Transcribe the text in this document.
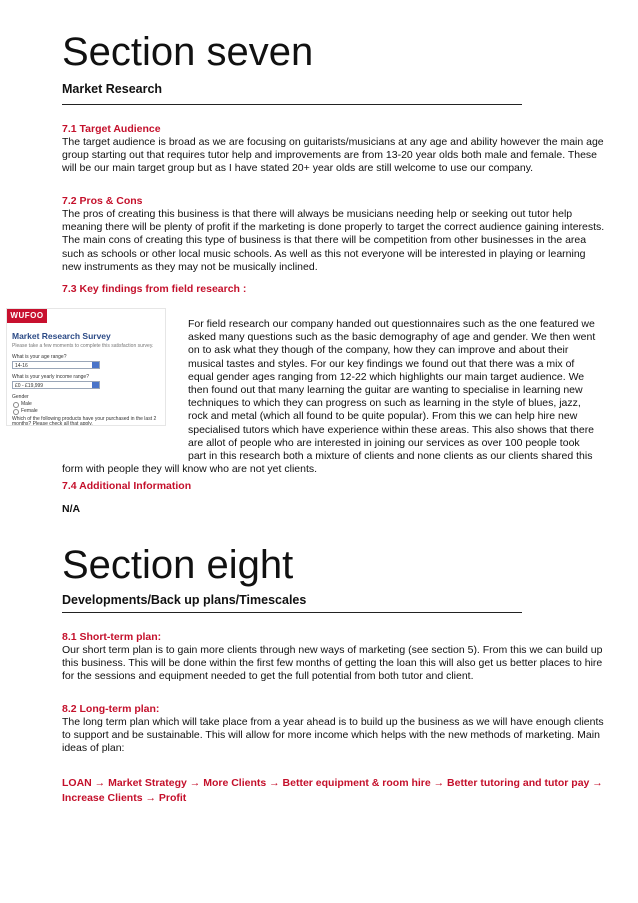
Section seven
Market Research
7.1 Target Audience
The target audience is broad as we are focusing on guitarists/musicians at any age and ability however the main age group starting out that requires tutor help and improvements are from 13-20 year olds both male and female. These will be our main target group but as I have stated 20+ year olds are still welcome to use our company.
7.2 Pros & Cons
The pros of creating this business is that there will always be musicians needing help or seeking out tutor help meaning there will be plenty of profit if the marketing is done properly to target the correct audience gaining interests. The main cons of creating this type of business is that there will be competition from other businesses in the area such as schools or other local music schools. As well as this not everyone will be interested in playing or learning new instruments as they may not be musically inclined.
7.3 Key findings from field research :
WUFOO
Market Research Survey
Please take a few moments to complete this satisfaction survey.
What is your age range?
14-16
What is your yearly income range?
£0 - £19,999
Gender
Male
Female
Which of the following products have your purchased in the last 2
months? Please check all that apply.
For field research our company handed out questionnaires such as the one featured we
asked many questions such as the basic demography of age and gender. We then went
on to ask what they though of the company, how they can improve and about their
musical tastes and styles. For our key findings we found out that there was a mix of
equal gender ages ranging from 12-22 which highlights our main target audience. We
then found out that many learning the guitar are wanting to specialise in learning new
techniques to which they can progress on such as learning in the style of blues, jazz,
rock and metal (which all found to be quite popular). From this we can help hire new
specialised tutors which have experience within these areas. This also shows that there
are allot of people who are interested in joining our services as over 100 people took
part in this research both a mixture of clients and none clients as our clients shared this
form with people they will know who are not yet clients.
7.4 Additional Information
N/A
Section eight
Developments/Back up plans/Timescales
8.1 Short-term plan:
Our short term plan is to gain more clients through new ways of marketing (see section 5). From this we can build up this business. This will be done within the first few months of getting the loan this will also get us better places to hire for the sessions and equipment needed to get the full potential from both tutor and client.
8.2 Long-term plan:
The long term plan which will take place from a year ahead is to build up the business as we will have enough clients to support and be sustainable. This will allow for more income which helps with the new methods of marketing. Main ideas of plan:
LOAN → Market Strategy → More Clients → Better equipment & room hire → Better tutoring and tutor pay → Increase Clients → Profit
